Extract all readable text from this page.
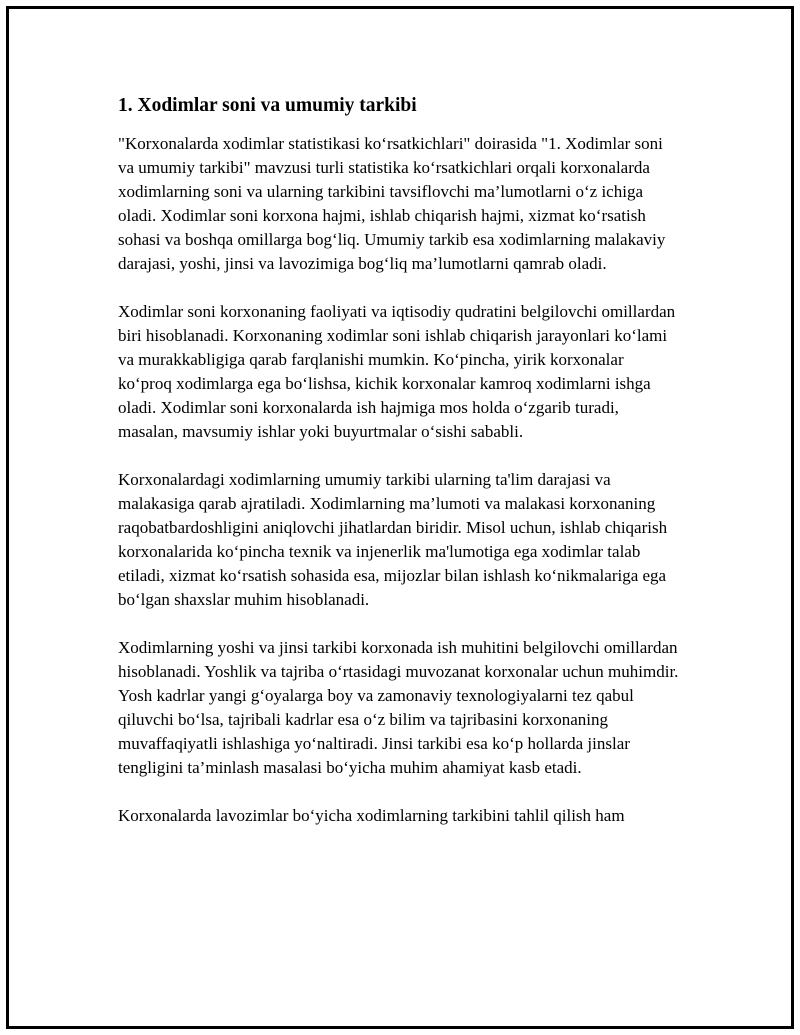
1. Xodimlar soni va umumiy tarkibi

"Korxonalarda xodimlar statistikasi ko‘rsatkichlari" doirasida "1. Xodimlar soni va umumiy tarkibi" mavzusi turli statistika ko‘rsatkichlari orqali korxonalarda xodimlarning soni va ularning tarkibini tavsiflovchi ma’lumotlarni o‘z ichiga oladi. Xodimlar soni korxona hajmi, ishlab chiqarish hajmi, xizmat ko‘rsatish sohasi va boshqa omillarga bog‘liq. Umumiy tarkib esa xodimlarning malakaviy darajasi, yoshi, jinsi va lavozimiga bog‘liq ma’lumotlarni qamrab oladi.

Xodimlar soni korxonaning faoliyati va iqtisodiy qudratini belgilovchi omillardan biri hisoblanadi. Korxonaning xodimlar soni ishlab chiqarish jarayonlari ko‘lami va murakkabligiga qarab farqlanishi mumkin. Ko‘pincha, yirik korxonalar ko‘proq xodimlarga ega bo‘lishsa, kichik korxonalar kamroq xodimlarni ishga oladi. Xodimlar soni korxonalarda ish hajmiga mos holda o‘zgarib turadi, masalan, mavsumiy ishlar yoki buyurtmalar o‘sishi sababli.

Korxonalardagi xodimlarning umumiy tarkibi ularning ta'lim darajasi va malakasiga qarab ajratiladi. Xodimlarning ma’lumoti va malakasi korxonaning raqobatbardoshligini aniqlovchi jihatlardan biridir. Misol uchun, ishlab chiqarish korxonalarida ko‘pincha texnik va injenerlik ma'lumotiga ega xodimlar talab etiladi, xizmat ko‘rsatish sohasida esa, mijozlar bilan ishlash ko‘nikmalariga ega bo‘lgan shaxslar muhim hisoblanadi.

Xodimlarning yoshi va jinsi tarkibi korxonada ish muhitini belgilovchi omillardan hisoblanadi. Yoshlik va tajriba o‘rtasidagi muvozanat korxonalar uchun muhimdir. Yosh kadrlar yangi g‘oyalarga boy va zamonaviy texnologiyalarni tez qabul qiluvchi bo‘lsa, tajribali kadrlar esa o‘z bilim va tajribasini korxonaning muvaffaqiyatli ishlashiga yo‘naltiradi. Jinsi tarkibi esa ko‘p hollarda jinslar tengligini ta’minlash masalasi bo‘yicha muhim ahamiyat kasb etadi.

Korxonalarda lavozimlar bo‘yicha xodimlarning tarkibini tahlil qilish ham
